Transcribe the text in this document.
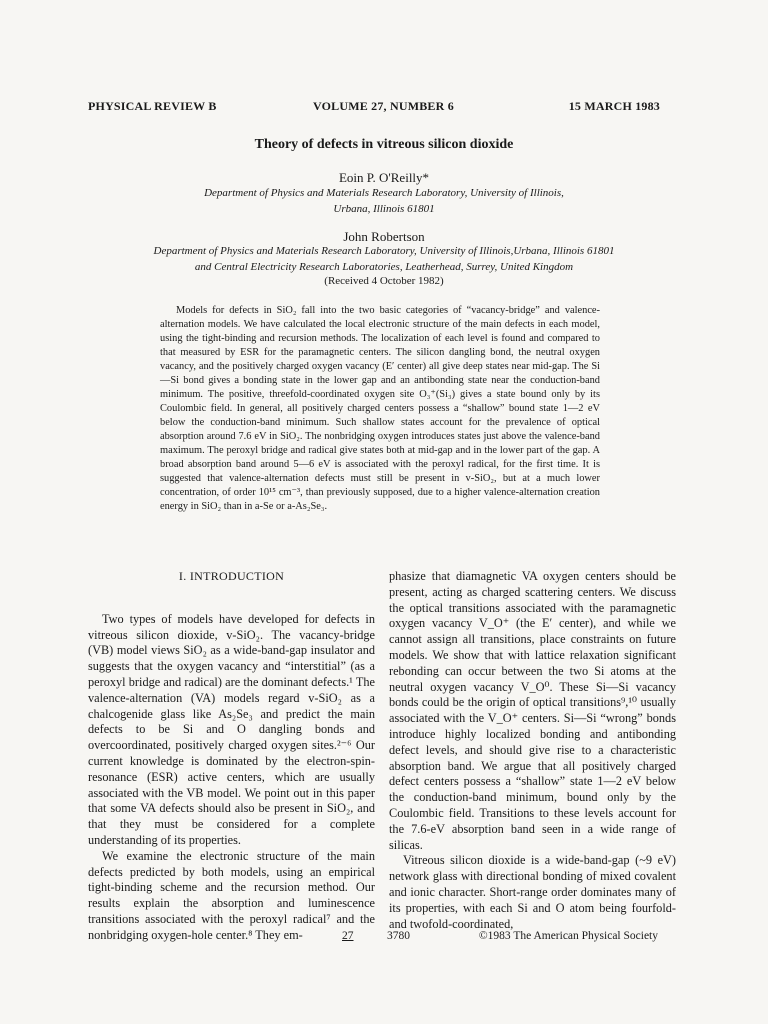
PHYSICAL REVIEW B	VOLUME 27, NUMBER 6	15 MARCH 1983
Theory of defects in vitreous silicon dioxide
Eoin P. O'Reilly*
Department of Physics and Materials Research Laboratory, University of Illinois,
Urbana, Illinois 61801
John Robertson
Department of Physics and Materials Research Laboratory, University of Illinois,Urbana, Illinois 61801
and Central Electricity Research Laboratories, Leatherhead, Surrey, United Kingdom
(Received 4 October 1982)

Models for defects in SiO₂ fall into the two basic categories of “vacancy-bridge” and valence-alternation models. We have calculated the local electronic structure of the main defects in each model, using the tight-binding and recursion methods. The localization of each level is found and compared to that measured by ESR for the paramagnetic centers. The silicon dangling bond, the neutral oxygen vacancy, and the positively charged oxygen vacancy (E′ center) all give deep states near mid-gap. The Si—Si bond gives a bonding state in the lower gap and an antibonding state near the conduction-band minimum. The positive, threefold-coordinated oxygen site O₃⁺(Si₃) gives a state bound only by its Coulombic field. In general, all positively charged centers possess a “shallow” bound state 1—2 eV below the conduction-band minimum. Such shallow states account for the prevalence of optical absorption around 7.6 eV in SiO₂. The nonbridging oxygen introduces states just above the valence-band maximum. The peroxyl bridge and radical give states both at mid-gap and in the lower part of the gap. A broad absorption band around 5—6 eV is associated with the peroxyl radical, for the first time. It is suggested that valence-alternation defects must still be present in v-SiO₂, but at a much lower concentration, of order 10¹⁵ cm⁻³, than previously supposed, due to a higher valence-alternation creation energy in SiO₂ than in a-Se or a-As₂Se₃.

I. INTRODUCTION

Two types of models have developed for defects in vitreous silicon dioxide, v-SiO₂. The vacancy-bridge (VB) model views SiO₂ as a wide-band-gap insulator and suggests that the oxygen vacancy and “interstitial” (as a peroxyl bridge and radical) are the dominant defects.¹ The valence-alternation (VA) models regard v-SiO₂ as a chalcogenide glass like As₂Se₃ and predict the main defects to be Si and O dangling bonds and overcoordinated, positively charged oxygen sites.²⁻⁶ Our current knowledge is dominated by the electron-spin-resonance (ESR) active centers, which are usually associated with the VB model. We point out in this paper that some VA defects should also be present in SiO₂, and that they must be considered for a complete understanding of its properties.

We examine the electronic structure of the main defects predicted by both models, using an empirical tight-binding scheme and the recursion method. Our results explain the absorption and luminescence transitions associated with the peroxyl radical⁷ and the nonbridging oxygen-hole center.⁸ They em-

phasize that diamagnetic VA oxygen centers should be present, acting as charged scattering centers. We discuss the optical transitions associated with the paramagnetic oxygen vacancy V_O⁺ (the E′ center), and while we cannot assign all transitions, place constraints on future models. We show that with lattice relaxation significant rebonding can occur between the two Si atoms at the neutral oxygen vacancy V_O⁰. These Si—Si vacancy bonds could be the origin of optical transitions⁹,¹⁰ usually associated with the V_O⁺ centers. Si—Si “wrong” bonds introduce highly localized bonding and antibonding defect levels, and should give rise to a characteristic absorption band. We argue that all positively charged defect centers possess a “shallow” state 1—2 eV below the conduction-band minimum, bound only by the Coulombic field. Transitions to these levels account for the 7.6-eV absorption band seen in a wide range of silicas.

Vitreous silicon dioxide is a wide-band-gap (~9 eV) network glass with directional bonding of mixed covalent and ionic character. Short-range order dominates many of its properties, with each Si and O atom being fourfold- and twofold-coordinated,

27	3780	©1983 The American Physical Society
